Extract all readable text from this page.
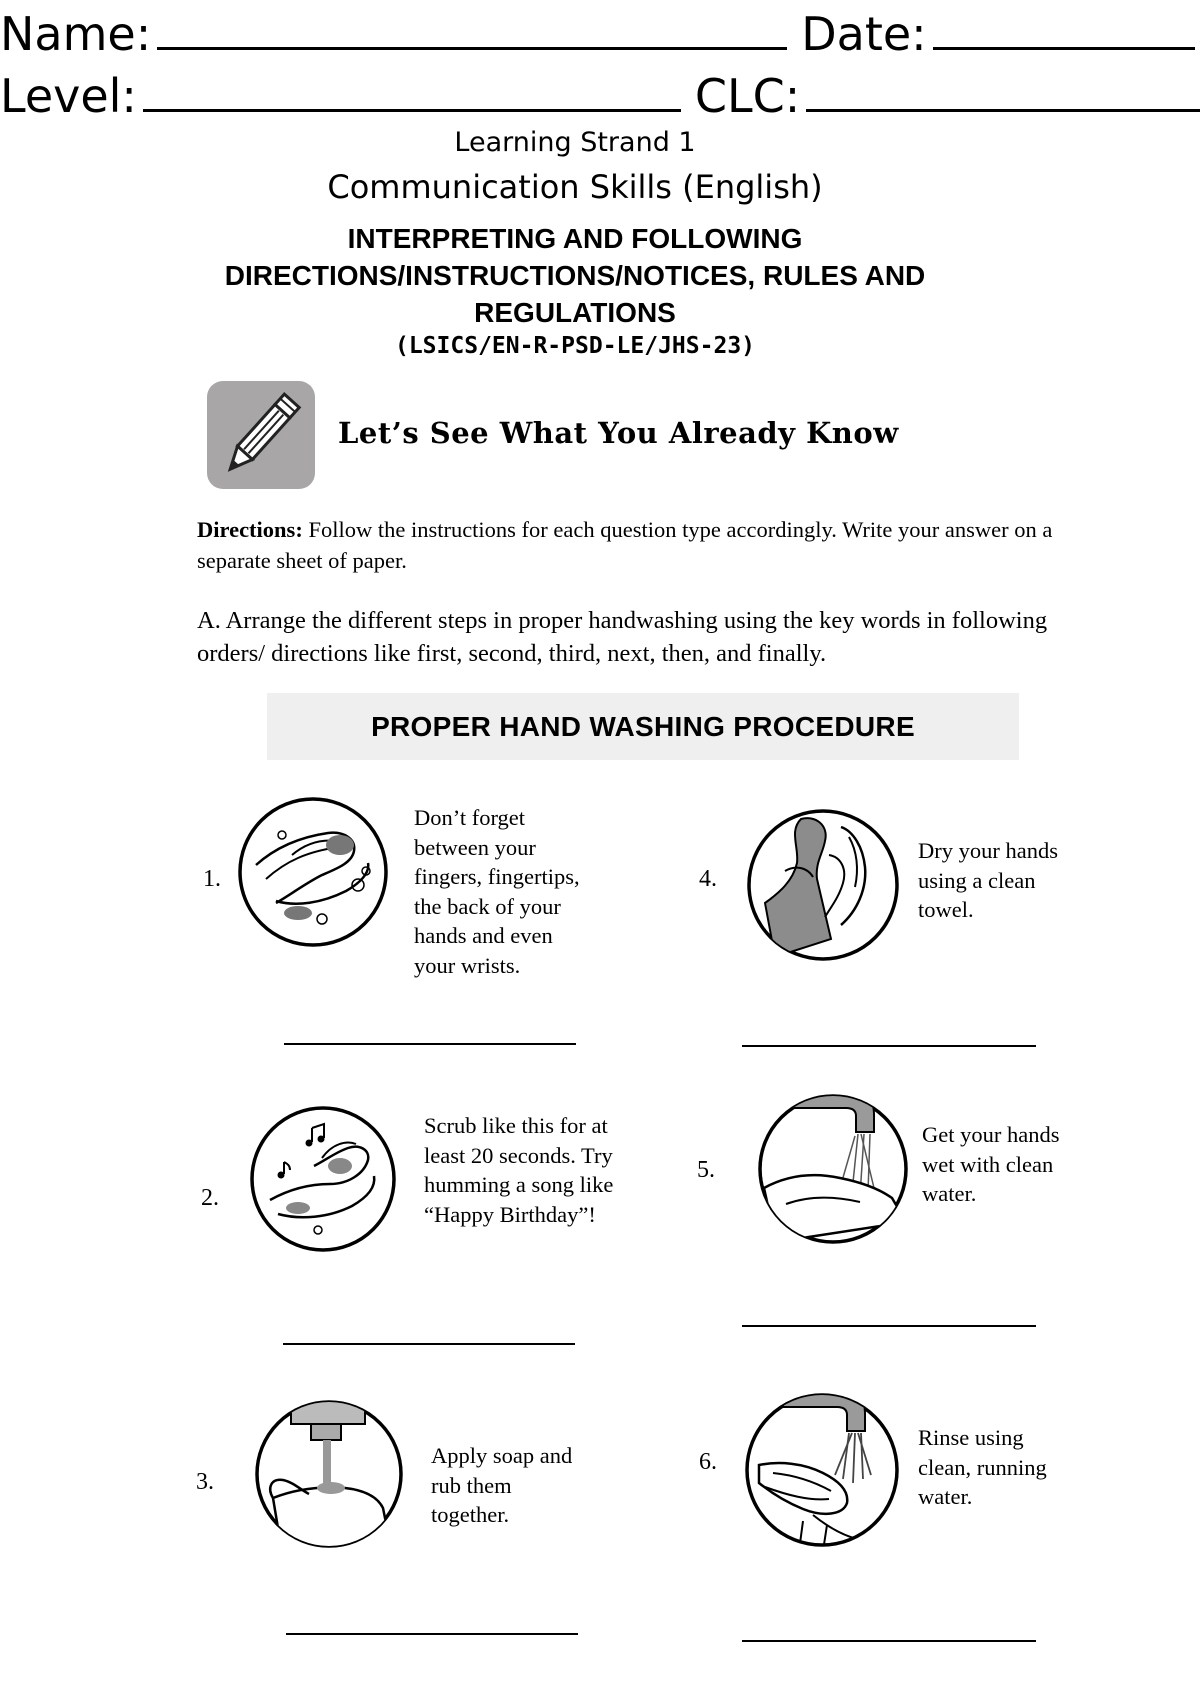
Name:	Date:
Level:	CLC:
Learning Strand 1
Communication Skills (English)
INTERPRETING AND FOLLOWING
DIRECTIONS/INSTRUCTIONS/NOTICES, RULES AND
REGULATIONS
(LSICS/EN-R-PSD-LE/JHS-23)
Let’s See What You Already Know
Directions: Follow the instructions for each question type accordingly. Write your answer on a separate sheet of paper.
A. Arrange the different steps in proper handwashing using the key words in following orders/ directions like first, second, third, next, then, and finally.
PROPER HAND WASHING PROCEDURE
1.
Don’t forget
between your
fingers, fingertips,
the back of your
hands and even
your wrists.
2.
Scrub like this for at
least 20 seconds. Try
humming a song like
“Happy Birthday”!
3.
Apply soap and
rub them
together.
4.
Dry your hands
using a clean
towel.
5.
Get your hands
wet with clean
water.
6.
Rinse using
clean, running
water.
